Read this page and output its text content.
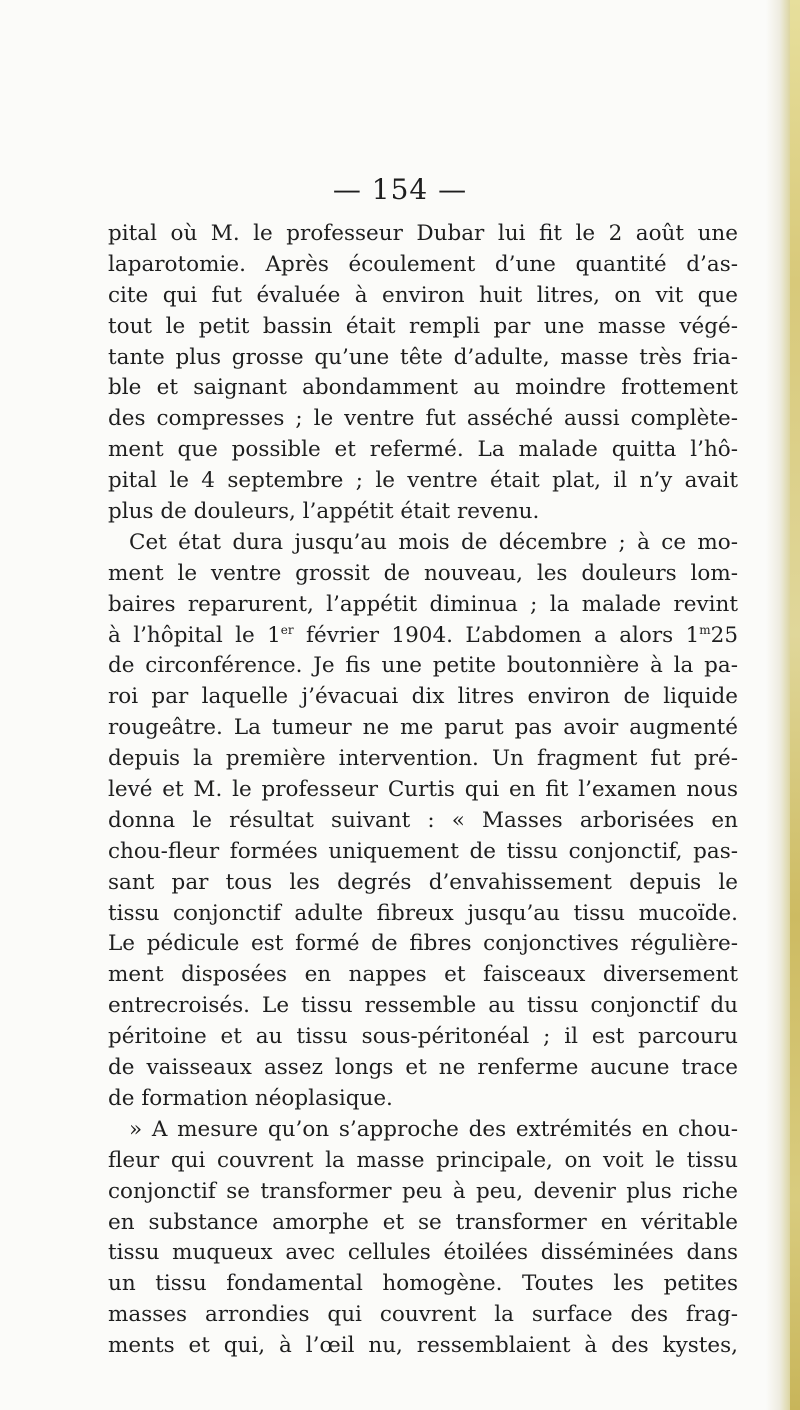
— 154 —
pital où M. le professeur Dubar lui fit le 2 août une
laparotomie. Après écoulement d’une quantité d’as-
cite qui fut évaluée à environ huit litres, on vit que
tout le petit bassin était rempli par une masse végé-
tante plus grosse qu’une tête d’adulte, masse très fria-
ble et saignant abondamment au moindre frottement
des compresses ; le ventre fut asséché aussi complète-
ment que possible et refermé. La malade quitta l’hô-
pital le 4 septembre ; le ventre était plat, il n’y avait
plus de douleurs, l’appétit était revenu.
Cet état dura jusqu’au mois de décembre ; à ce mo-
ment le ventre grossit de nouveau, les douleurs lom-
baires reparurent, l’appétit diminua ; la malade revint
à l’hôpital le 1er février 1904. L’abdomen a alors 1$^m$25
de circonférence. Je fis une petite boutonnière à la pa-
roi par laquelle j’évacuai dix litres environ de liquide
rougeâtre. La tumeur ne me parut pas avoir augmenté
depuis la première intervention. Un fragment fut pré-
levé et M. le professeur Curtis qui en fit l’examen nous
donna le résultat suivant : « Masses arborisées en
chou-fleur formées uniquement de tissu conjonctif, pas-
sant par tous les degrés d’envahissement depuis le
tissu conjonctif adulte fibreux jusqu’au tissu mucoïde.
Le pédicule est formé de fibres conjonctives régulière-
ment disposées en nappes et faisceaux diversement
entrecroisés. Le tissu ressemble au tissu conjonctif du
péritoine et au tissu sous-péritonéal ; il est parcouru
de vaisseaux assez longs et ne renferme aucune trace
de formation néoplasique.
» A mesure qu’on s’approche des extrémités en chou-
fleur qui couvrent la masse principale, on voit le tissu
conjonctif se transformer peu à peu, devenir plus riche
en substance amorphe et se transformer en véritable
tissu muqueux avec cellules étoilées disséminées dans
un tissu fondamental homogène. Toutes les petites
masses arrondies qui couvrent la surface des frag-
ments et qui, à l’œil nu, ressemblaient à des kystes,
